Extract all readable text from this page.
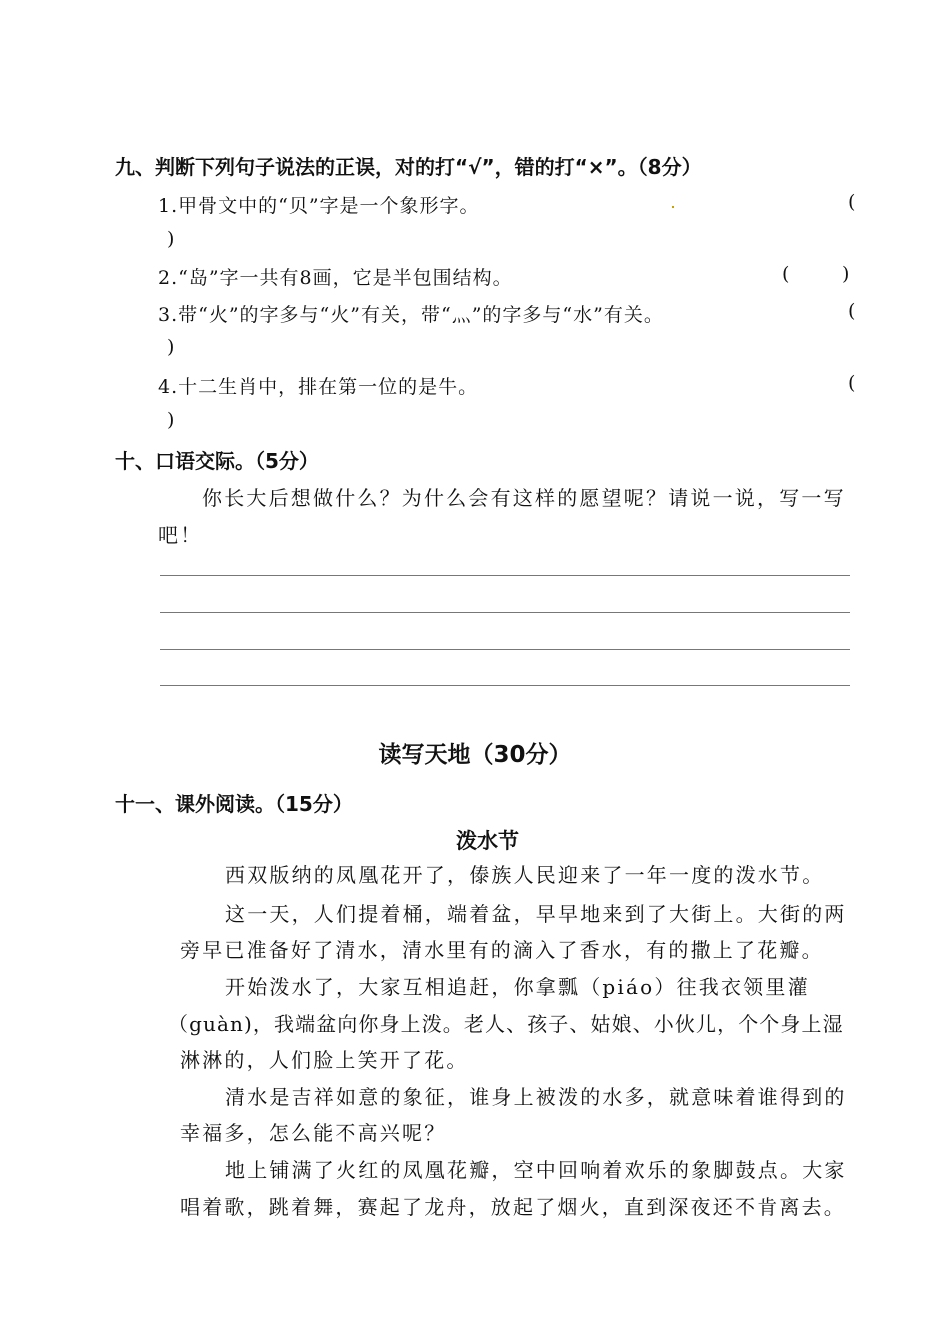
九、判断下列句子说法的正误，对的打“√”，错的打“×”。（8分）
1.甲骨文中的“贝”字是一个象形字。	(
)
2.“岛”字一共有8画，它是半包围结构。	(	)
3.带“火”的字多与“火”有关，带“灬”的字多与“水”有关。	(
)
4.十二生肖中，排在第一位的是牛。	(
)
十、口语交际。（5分）
你长大后想做什么？为什么会有这样的愿望呢？请说一说，写一写
吧！
读写天地（30分）
十一、课外阅读。（15分）
泼水节
西双版纳的凤凰花开了，傣族人民迎来了一年一度的泼水节。
这一天，人们提着桶，端着盆，早早地来到了大街上。大街的两
旁早已准备好了清水，清水里有的滴入了香水，有的撒上了花瓣。
开始泼水了，大家互相追赶，你拿瓢（piáo）往我衣领里灌
（guàn)，我端盆向你身上泼。老人、孩子、姑娘、小伙儿，个个身上湿
淋淋的，人们脸上笑开了花。
清水是吉祥如意的象征，谁身上被泼的水多，就意味着谁得到的
幸福多，怎么能不高兴呢？
地上铺满了火红的凤凰花瓣，空中回响着欢乐的象脚鼓点。大家
唱着歌，跳着舞，赛起了龙舟，放起了烟火，直到深夜还不肯离去。
